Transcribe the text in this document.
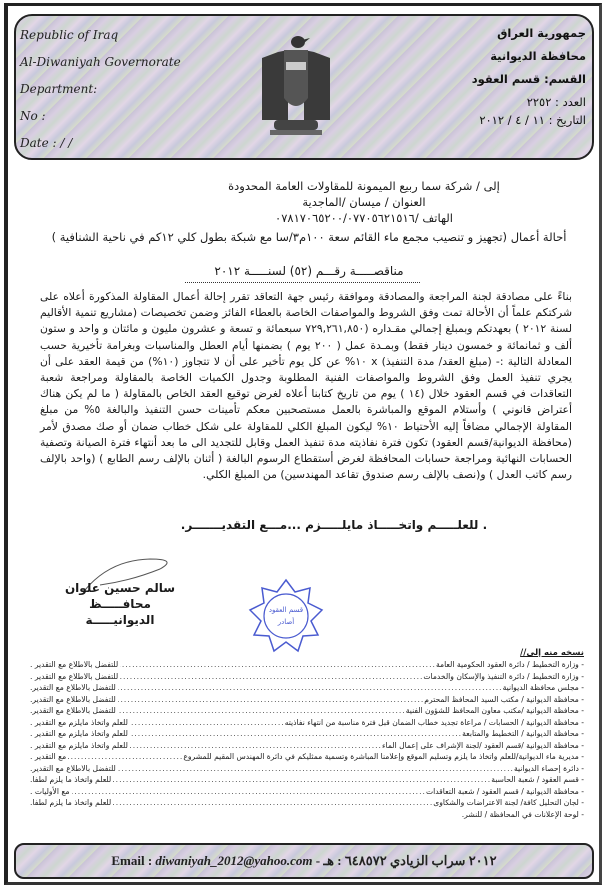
Republic of Iraq
Al-Diwaniyah Governorate
Department:
No :
Date : / /
جمهورية العراق
محافظة الديوانية
القسم: قسم العقود
العدد : ٢٢٥٢
التاريخ : ١١ / ٤ / ٢٠١٢
إلى / شركة سما ربيع الميمونة للمقاولات العامة المحدودة
العنوان / ميسان /الماجدية
الهاتف /٠٧٨١٧٠٦٥٢٠٠/٠٧٧٠٥٦٢١٥١٦
أحالة أعمال (تجهيز و تنصيب مجمع ماء القائم سعة ١٠٠م٣/سا مع شبكة بطول كلي ١٢كم في ناحية الشنافية )
مناقصـــــة رقـــم (٥٢) لسنـــــة ٢٠١٢
بناءً على مصادقة لجنة المراجعة والمصادقة وموافقة رئيس جهة التعاقد تقرر إحالة أعمال المقاولة المذكورة أعلاه على شركتكم علماً أن الأحالة تمت وفق الشروط والمواصفات الخاصة بالعطاء الفائز وضمن تخصيصات (مشاريع تنمية الأقاليم لسنة ٢٠١٢ ) بعهدتكم وبمبلغ إجمالي مقـداره (٧٢٩,٢٦١,٨٥٠ سبعمائة و تسعة و عشرون مليون و مائتان و واحد و ستون ألف و ثمانمائة و خمسون دينار فقط) وبمـدة عمل ( ٢٠٠ يوم ) بضمنها أيام العطل والمناسبات وبغرامة تأخيرية حسب المعادلة التالية :- (مبلغ العقد/ مدة التنفيذ) x ١٠% عن كل يوم تأخير على أن لا تتجاوز (١٠%) من قيمة العقد على أن يجري تنفيذ العمل وفق الشروط والمواصفات الفنية المطلوبة وجدول الكميات الخاصة بالمقاولة ومراجعة شعبة التعاقدات في قسم العقود خلال (١٤ ) يوم من تاريخ كتابنا أعلاه لغرض توقيع العقد الخاص بالمقاولة ( ما لم يكن هناك أعتراض قانوني ) وأستلام الموقع والمباشرة بالعمل مستصحبين معكم تأمينات حسن التنفيذ والبالغة ٥% من مبلغ المقاولة الإجمالي مضافاً إليه الأحتياط ١٠% ليكون المبلغ الكلي للمقاولة على شكل خطاب ضمان أو صك مصدق لأمر (محافظة الديوانية/قسم العقود) تكون فترة نفاذيته مدة تنفيذ العمل وقابل للتجديد الى ما بعد أنتهاء فترة الصيانة وتصفية الحسابات النهائية ومراجعة حسابات المحافظة لغرض أستقطاع الرسوم البالغة ( أثنان بالإلف رسم الطابع ) (واحد بالإلف رسم كاتب العدل ) و(نصف بالإلف رسم صندوق تقاعد المهندسين) من المبلغ الكلي.
. للعلـــــم واتخـــــاذ مايلـــــزم ...مـــع التقديـــــــر.
سالم حسين علوان
محافـــــظ الديوانيـــــة
قسم العقود
أصادر
نسخه منه إلى//
- وزارة التخطيط / دائرة العقود الحكومية العامة
.....
للتفضل بالاطلاع مع التقدير .
- وزارة التخطيط / دائرة التنفيذ والإسكان والخدمات
.....
للتفضل بالاطلاع مع التقدير .
- مجلس محافظة الديوانية
.....
للتفضل بالاطلاع مع التقدير.
- محافظة الديوانية / مكتب السيد المحافظ المحترم
.....
للتفضل بالاطلاع مع التقدير.
- محافظة الديوانية /مكتب معاون المحافظ للشؤون الفنية
.....
للتفضل بالاطلاع مع التقدير.
- محافظة الديوانية / الحسابات / مراعاة تجديد خطاب الضمان قبل فترة مناسبة من انتهاء نفاذيته
.....
للعلم واتخاذ مايلزم مع التقدير .
- محافظة الديوانية / التخطيط والمتابعة
.....
للعلم واتخاذ مايلزم مع التقدير .
- محافظة الديوانية /قسم العقود /لجنة الإشراف على إعمال الماء
.....
للعلم واتخاذ مايلزم مع التقدير .
- مديرية ماء الديوانية/للعلم واتخاذ ما يلزم وتسليم الموقع وإعلامنا المباشرة وتسمية ممثليكم في دائرة المهندس المقيم للمشروع
.....
مع التقدير .
- دائرة إحصاء الديوانية
.....
للتفضل بالاطلاع مع التقدير.
- قسم العقود / شعبة الحاسبة
.....
للعلم واتخاذ ما يلزم لطفا.
- محافظة الديوانية / قسم العقود / شعبة التعاقدات
.....
مع الأوليات .
- لجان التحليل كافة/ لجنة الاعتراضات والشكاوى
.....
للعلم واتخاذ ما يلزم لطفا.
- لوحة الإعلانات في المحافظة / للنشر.
Email : diwaniyah_2012@yahoo.com - ٢٠١٢ سراب الزيادي ٦٤٨٥٧٢ : هـ
